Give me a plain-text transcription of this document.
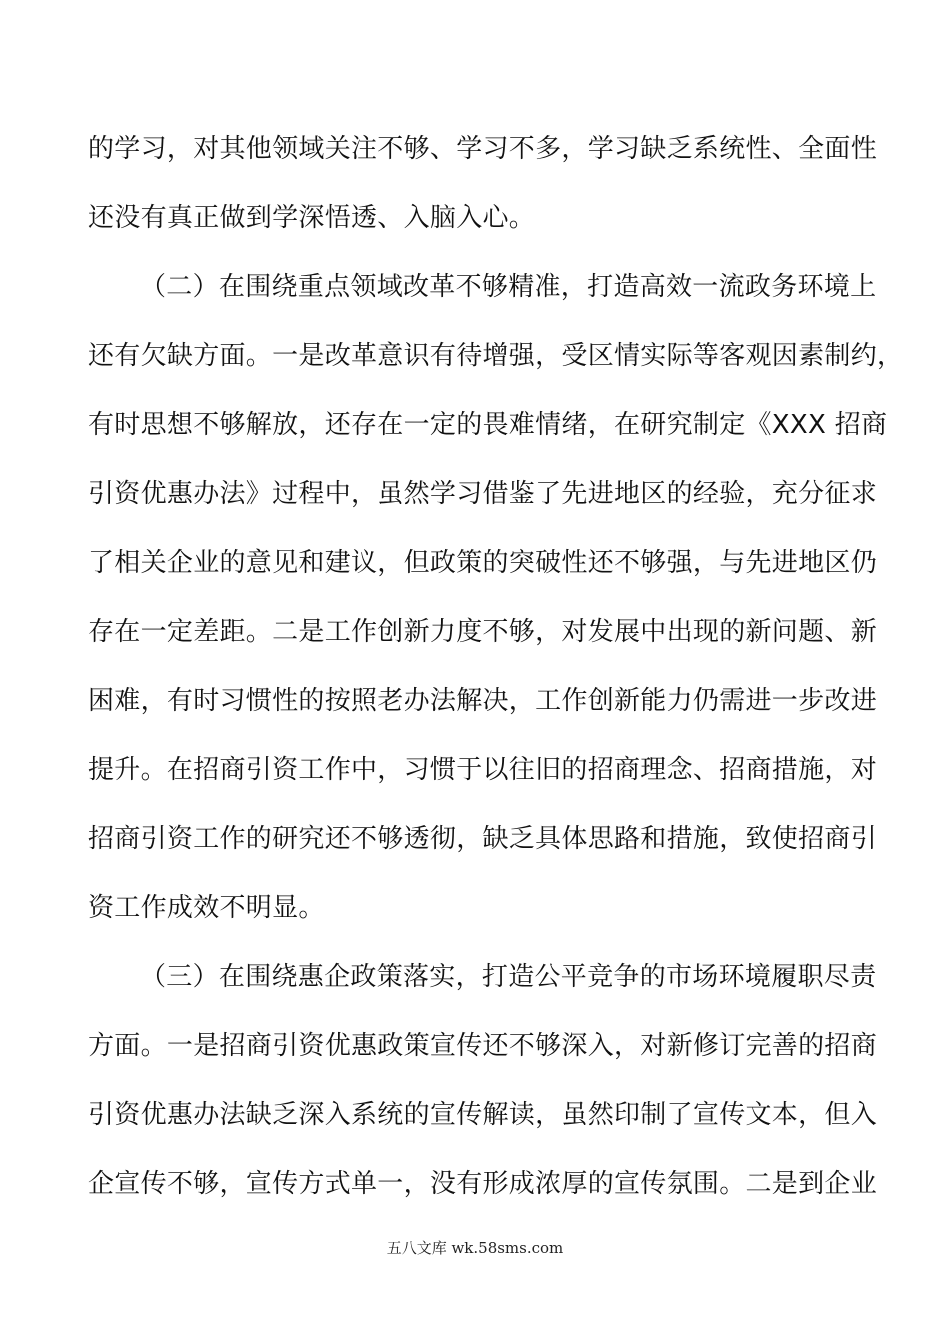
的学习，对其他领域关注不够、学习不多，学习缺乏系统性、全面性
还没有真正做到学深悟透、入脑入心。
（二）在围绕重点领域改革不够精准，打造高效一流政务环境上
还有欠缺方面。一是改革意识有待增强，受区情实际等客观因素制约，
有时思想不够解放，还存在一定的畏难情绪，在研究制定《XXX 招商
引资优惠办法》过程中，虽然学习借鉴了先进地区的经验，充分征求
了相关企业的意见和建议，但政策的突破性还不够强，与先进地区仍
存在一定差距。二是工作创新力度不够，对发展中出现的新问题、新
困难，有时习惯性的按照老办法解决，工作创新能力仍需进一步改进
提升。在招商引资工作中，习惯于以往旧的招商理念、招商措施，对
招商引资工作的研究还不够透彻，缺乏具体思路和措施，致使招商引
资工作成效不明显。
（三）在围绕惠企政策落实，打造公平竞争的市场环境履职尽责
方面。一是招商引资优惠政策宣传还不够深入，对新修订完善的招商
引资优惠办法缺乏深入系统的宣传解读，虽然印制了宣传文本，但入
企宣传不够，宣传方式单一，没有形成浓厚的宣传氛围。二是到企业
五八文库 wk.58sms.com
